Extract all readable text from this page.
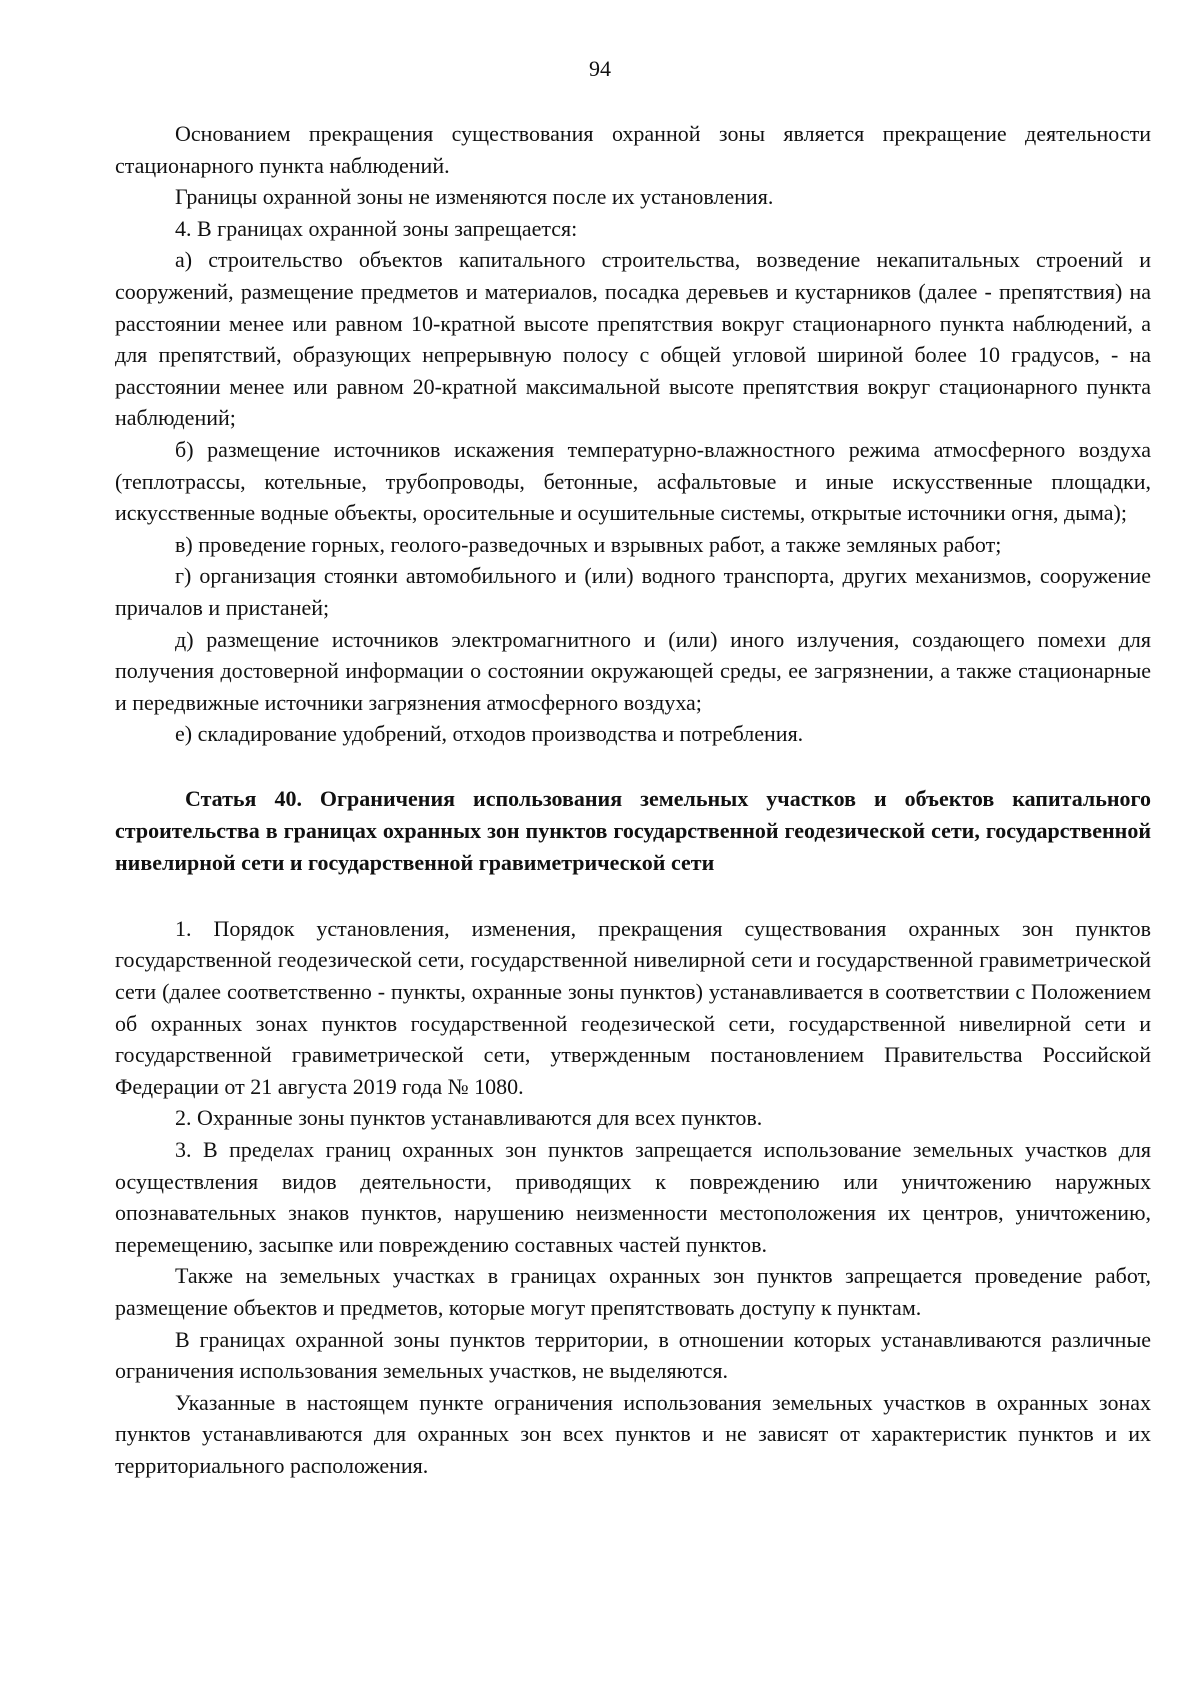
94

Основанием прекращения существования охранной зоны является прекращение деятельности стационарного пункта наблюдений.

Границы охранной зоны не изменяются после их установления.

4. В границах охранной зоны запрещается:

а) строительство объектов капитального строительства, возведение некапитальных строений и сооружений, размещение предметов и материалов, посадка деревьев и кустарников (далее - препятствия) на расстоянии менее или равном 10-кратной высоте препятствия вокруг стационарного пункта наблюдений, а для препятствий, образующих непрерывную полосу с общей угловой шириной более 10 градусов, - на расстоянии менее или равном 20-кратной максимальной высоте препятствия вокруг стационарного пункта наблюдений;

б) размещение источников искажения температурно-влажностного режима атмосферного воздуха (теплотрассы, котельные, трубопроводы, бетонные, асфальтовые и иные искусственные площадки, искусственные водные объекты, оросительные и осушительные системы, открытые источники огня, дыма);

в) проведение горных, геолого-разведочных и взрывных работ, а также земляных работ;

г) организация стоянки автомобильного и (или) водного транспорта, других механизмов, сооружение причалов и пристаней;

д) размещение источников электромагнитного и (или) иного излучения, создающего помехи для получения достоверной информации о состоянии окружающей среды, ее загрязнении, а также стационарные и передвижные источники загрязнения атмосферного воздуха;

е) складирование удобрений, отходов производства и потребления.

Статья 40. Ограничения использования земельных участков и объектов капитального строительства в границах охранных зон пунктов государственной геодезической сети, государственной нивелирной сети и государственной гравиметрической сети

1. Порядок установления, изменения, прекращения существования охранных зон пунктов государственной геодезической сети, государственной нивелирной сети и государственной гравиметрической сети (далее соответственно - пункты, охранные зоны пунктов) устанавливается в соответствии с Положением об охранных зонах пунктов государственной геодезической сети, государственной нивелирной сети и государственной гравиметрической сети, утвержденным постановлением Правительства Российской Федерации от 21 августа 2019 года № 1080.

2. Охранные зоны пунктов устанавливаются для всех пунктов.

3. В пределах границ охранных зон пунктов запрещается использование земельных участков для осуществления видов деятельности, приводящих к повреждению или уничтожению наружных опознавательных знаков пунктов, нарушению неизменности местоположения их центров, уничтожению, перемещению, засыпке или повреждению составных частей пунктов.

Также на земельных участках в границах охранных зон пунктов запрещается проведение работ, размещение объектов и предметов, которые могут препятствовать доступу к пунктам.

В границах охранной зоны пунктов территории, в отношении которых устанавливаются различные ограничения использования земельных участков, не выделяются.

Указанные в настоящем пункте ограничения использования земельных участков в охранных зонах пунктов устанавливаются для охранных зон всех пунктов и не зависят от характеристик пунктов и их территориального расположения.
